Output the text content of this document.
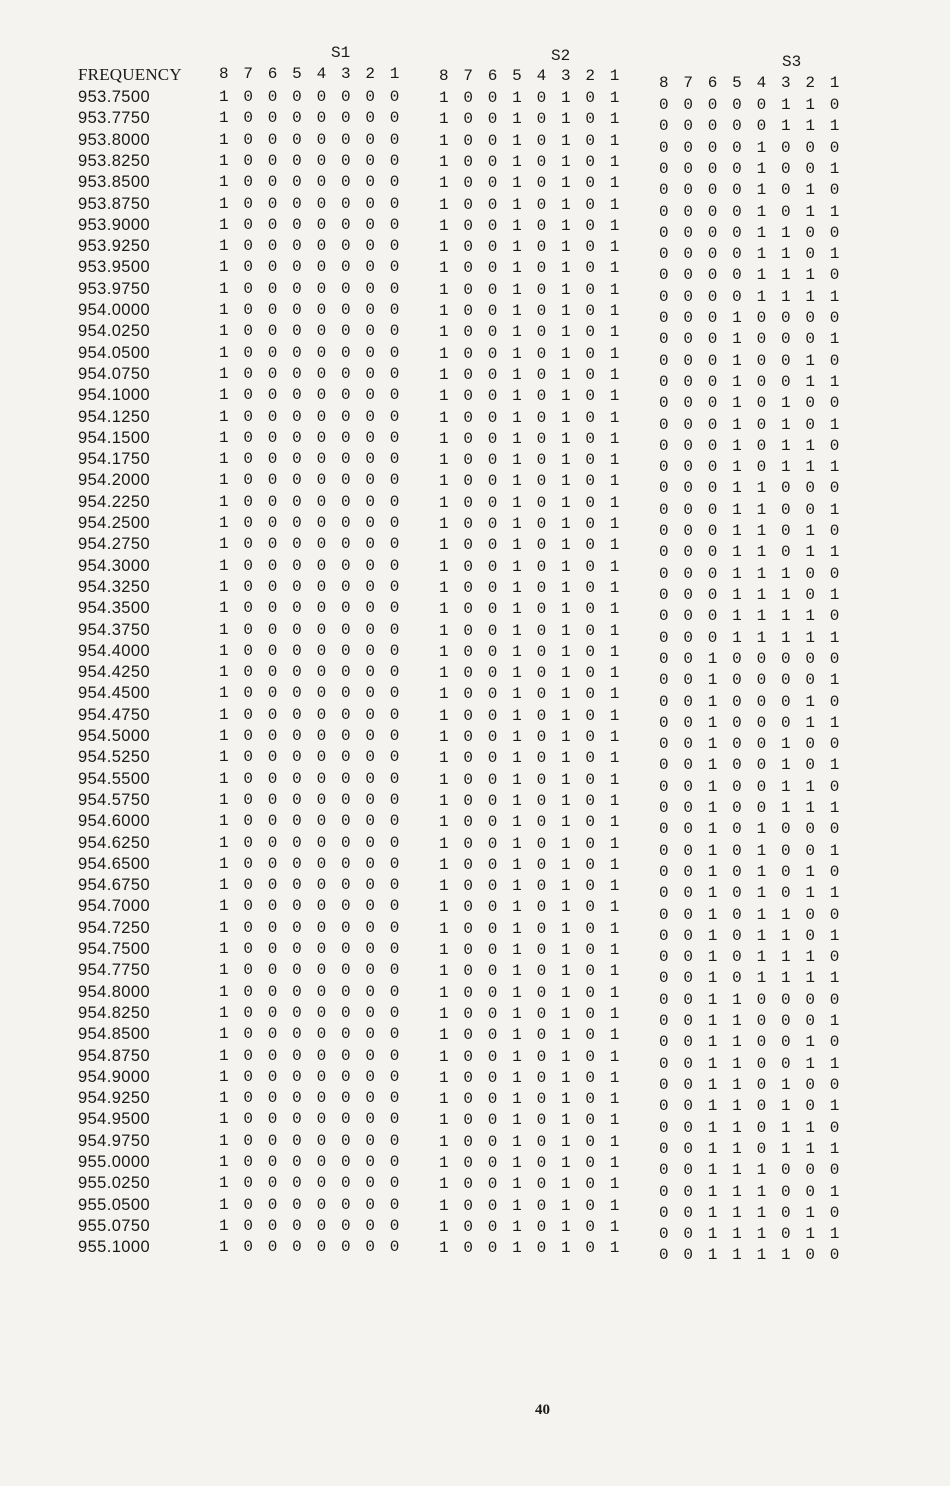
S1	S2	S3
FREQUENCY	8 7 6 5 4 3 2 1	8 7 6 5 4 3 2 1	8 7 6 5 4 3 2 1
953.7500	1 0 0 0 0 0 0 0	1 0 0 1 0 1 0 1	0 0 0 0 0 1 1 0
953.7750	1 0 0 0 0 0 0 0	1 0 0 1 0 1 0 1	0 0 0 0 0 1 1 1
953.8000	1 0 0 0 0 0 0 0	1 0 0 1 0 1 0 1	0 0 0 0 1 0 0 0
953.8250	1 0 0 0 0 0 0 0	1 0 0 1 0 1 0 1	0 0 0 0 1 0 0 1
953.8500	1 0 0 0 0 0 0 0	1 0 0 1 0 1 0 1	0 0 0 0 1 0 1 0
953.8750	1 0 0 0 0 0 0 0	1 0 0 1 0 1 0 1	0 0 0 0 1 0 1 1
953.9000	1 0 0 0 0 0 0 0	1 0 0 1 0 1 0 1	0 0 0 0 1 1 0 0
953.9250	1 0 0 0 0 0 0 0	1 0 0 1 0 1 0 1	0 0 0 0 1 1 0 1
953.9500	1 0 0 0 0 0 0 0	1 0 0 1 0 1 0 1	0 0 0 0 1 1 1 0
953.9750	1 0 0 0 0 0 0 0	1 0 0 1 0 1 0 1	0 0 0 0 1 1 1 1
954.0000	1 0 0 0 0 0 0 0	1 0 0 1 0 1 0 1	0 0 0 1 0 0 0 0
954.0250	1 0 0 0 0 0 0 0	1 0 0 1 0 1 0 1	0 0 0 1 0 0 0 1
954.0500	1 0 0 0 0 0 0 0	1 0 0 1 0 1 0 1	0 0 0 1 0 0 1 0
954.0750	1 0 0 0 0 0 0 0	1 0 0 1 0 1 0 1	0 0 0 1 0 0 1 1
954.1000	1 0 0 0 0 0 0 0	1 0 0 1 0 1 0 1	0 0 0 1 0 1 0 0
954.1250	1 0 0 0 0 0 0 0	1 0 0 1 0 1 0 1	0 0 0 1 0 1 0 1
954.1500	1 0 0 0 0 0 0 0	1 0 0 1 0 1 0 1	0 0 0 1 0 1 1 0
954.1750	1 0 0 0 0 0 0 0	1 0 0 1 0 1 0 1	0 0 0 1 0 1 1 1
954.2000	1 0 0 0 0 0 0 0	1 0 0 1 0 1 0 1	0 0 0 1 1 0 0 0
954.2250	1 0 0 0 0 0 0 0	1 0 0 1 0 1 0 1	0 0 0 1 1 0 0 1
954.2500	1 0 0 0 0 0 0 0	1 0 0 1 0 1 0 1	0 0 0 1 1 0 1 0
954.2750	1 0 0 0 0 0 0 0	1 0 0 1 0 1 0 1	0 0 0 1 1 0 1 1
954.3000	1 0 0 0 0 0 0 0	1 0 0 1 0 1 0 1	0 0 0 1 1 1 0 0
954.3250	1 0 0 0 0 0 0 0	1 0 0 1 0 1 0 1	0 0 0 1 1 1 0 1
954.3500	1 0 0 0 0 0 0 0	1 0 0 1 0 1 0 1	0 0 0 1 1 1 1 0
954.3750	1 0 0 0 0 0 0 0	1 0 0 1 0 1 0 1	0 0 0 1 1 1 1 1
954.4000	1 0 0 0 0 0 0 0	1 0 0 1 0 1 0 1	0 0 1 0 0 0 0 0
954.4250	1 0 0 0 0 0 0 0	1 0 0 1 0 1 0 1	0 0 1 0 0 0 0 1
954.4500	1 0 0 0 0 0 0 0	1 0 0 1 0 1 0 1	0 0 1 0 0 0 1 0
954.4750	1 0 0 0 0 0 0 0	1 0 0 1 0 1 0 1	0 0 1 0 0 0 1 1
954.5000	1 0 0 0 0 0 0 0	1 0 0 1 0 1 0 1	0 0 1 0 0 1 0 0
954.5250	1 0 0 0 0 0 0 0	1 0 0 1 0 1 0 1	0 0 1 0 0 1 0 1
954.5500	1 0 0 0 0 0 0 0	1 0 0 1 0 1 0 1	0 0 1 0 0 1 1 0
954.5750	1 0 0 0 0 0 0 0	1 0 0 1 0 1 0 1	0 0 1 0 0 1 1 1
954.6000	1 0 0 0 0 0 0 0	1 0 0 1 0 1 0 1	0 0 1 0 1 0 0 0
954.6250	1 0 0 0 0 0 0 0	1 0 0 1 0 1 0 1	0 0 1 0 1 0 0 1
954.6500	1 0 0 0 0 0 0 0	1 0 0 1 0 1 0 1	0 0 1 0 1 0 1 0
954.6750	1 0 0 0 0 0 0 0	1 0 0 1 0 1 0 1	0 0 1 0 1 0 1 1
954.7000	1 0 0 0 0 0 0 0	1 0 0 1 0 1 0 1	0 0 1 0 1 1 0 0
954.7250	1 0 0 0 0 0 0 0	1 0 0 1 0 1 0 1	0 0 1 0 1 1 0 1
954.7500	1 0 0 0 0 0 0 0	1 0 0 1 0 1 0 1	0 0 1 0 1 1 1 0
954.7750	1 0 0 0 0 0 0 0	1 0 0 1 0 1 0 1	0 0 1 0 1 1 1 1
954.8000	1 0 0 0 0 0 0 0	1 0 0 1 0 1 0 1	0 0 1 1 0 0 0 0
954.8250	1 0 0 0 0 0 0 0	1 0 0 1 0 1 0 1	0 0 1 1 0 0 0 1
954.8500	1 0 0 0 0 0 0 0	1 0 0 1 0 1 0 1	0 0 1 1 0 0 1 0
954.8750	1 0 0 0 0 0 0 0	1 0 0 1 0 1 0 1	0 0 1 1 0 0 1 1
954.9000	1 0 0 0 0 0 0 0	1 0 0 1 0 1 0 1	0 0 1 1 0 1 0 0
954.9250	1 0 0 0 0 0 0 0	1 0 0 1 0 1 0 1	0 0 1 1 0 1 0 1
954.9500	1 0 0 0 0 0 0 0	1 0 0 1 0 1 0 1	0 0 1 1 0 1 1 0
954.9750	1 0 0 0 0 0 0 0	1 0 0 1 0 1 0 1	0 0 1 1 0 1 1 1
955.0000	1 0 0 0 0 0 0 0	1 0 0 1 0 1 0 1	0 0 1 1 1 0 0 0
955.0250	1 0 0 0 0 0 0 0	1 0 0 1 0 1 0 1	0 0 1 1 1 0 0 1
955.0500	1 0 0 0 0 0 0 0	1 0 0 1 0 1 0 1	0 0 1 1 1 0 1 0
955.0750	1 0 0 0 0 0 0 0	1 0 0 1 0 1 0 1	0 0 1 1 1 0 1 1
955.1000	1 0 0 0 0 0 0 0	1 0 0 1 0 1 0 1	0 0 1 1 1 1 0 0
40
